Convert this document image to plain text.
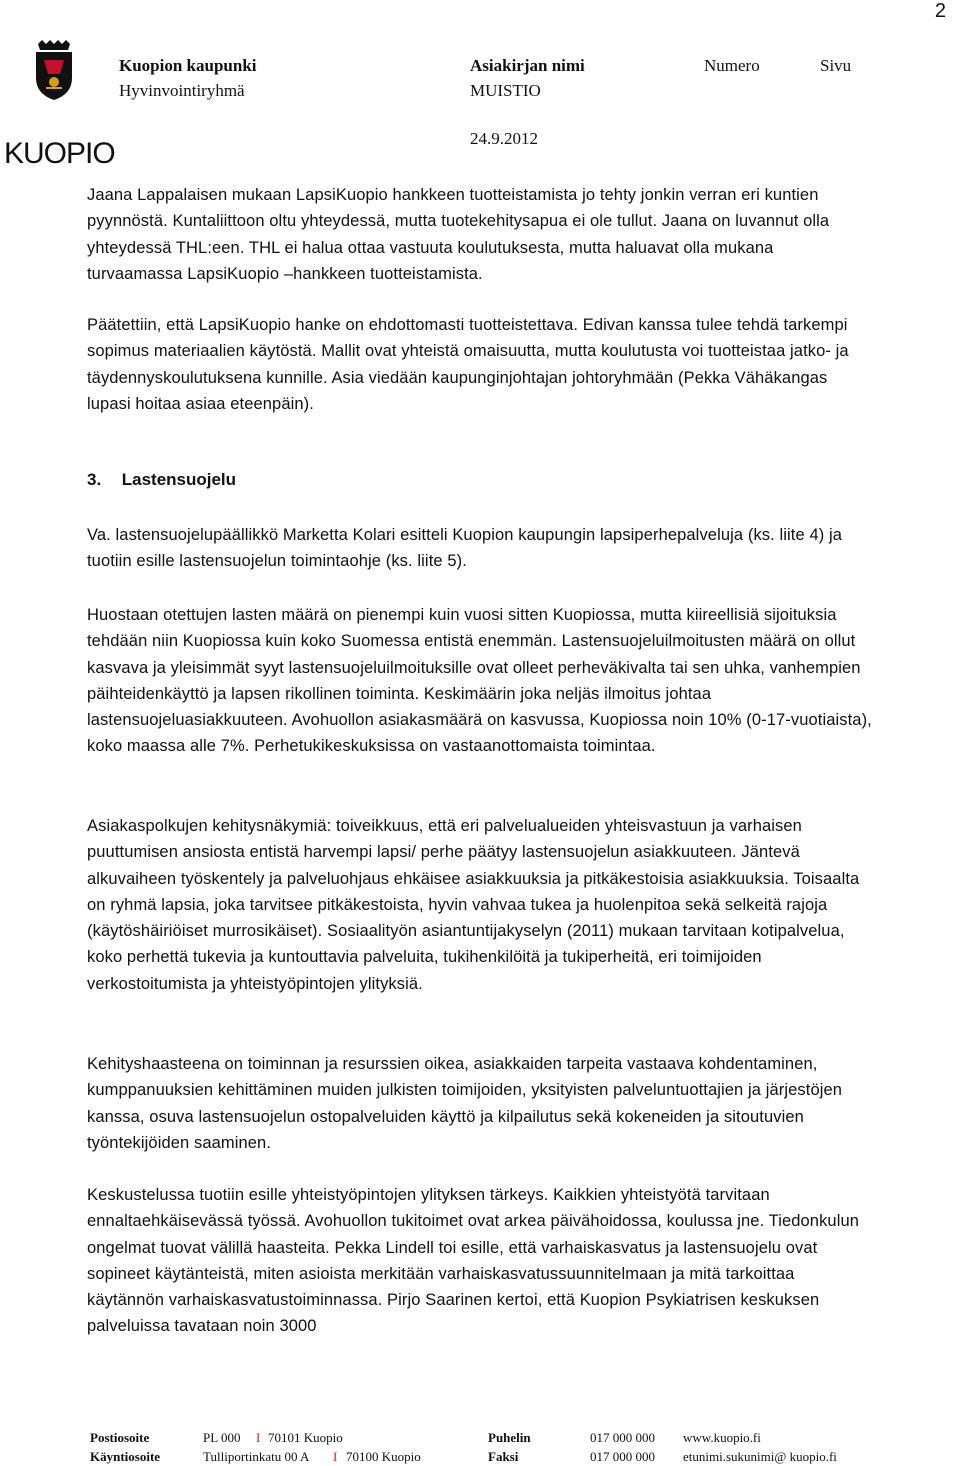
2
KUOPIO
Kuopion kaupunki
Hyvinvointiryhmä
Asiakirjan nimi
MUISTIO
24.9.2012
Numero	Sivu
Jaana Lappalaisen mukaan LapsiKuopio hankkeen tuotteistamista jo tehty jonkin verran eri kuntien pyynnöstä. Kuntaliittoon oltu yhteydessä, mutta tuotekehitysapua ei ole tullut. Jaana on luvannut olla yhteydessä THL:een. THL ei halua ottaa vastuuta koulutuksesta, mutta haluavat olla mukana turvaamassa LapsiKuopio –hankkeen tuotteistamista.
Päätettiin, että LapsiKuopio hanke on ehdottomasti tuotteistettava. Edivan kanssa tulee tehdä tarkempi sopimus materiaalien käytöstä. Mallit ovat yhteistä omaisuutta, mutta koulutusta voi tuotteistaa jatko- ja täydennyskoulutuksena kunnille. Asia viedään kaupunginjohtajan johtoryhmään (Pekka Vähäkangas lupasi hoitaa asiaa eteenpäin).
3. Lastensuojelu
Va. lastensuojelupäällikkö Marketta Kolari esitteli Kuopion kaupungin lapsiperhepalveluja (ks. liite 4) ja tuotiin esille lastensuojelun toimintaohje (ks. liite 5).
Huostaan otettujen lasten määrä on pienempi kuin vuosi sitten Kuopiossa, mutta kiireellisiä sijoituksia tehdään niin Kuopiossa kuin koko Suomessa entistä enemmän. Lastensuojeluilmoitusten määrä on ollut kasvava ja yleisimmät syyt lastensuojeluilmoituksille ovat olleet perheväkivalta tai sen uhka, vanhempien päihteidenkäyttö ja lapsen rikollinen toiminta. Keskimäärin joka neljäs ilmoitus johtaa lastensuojeluasiakkuuteen. Avohuollon asiakasmäärä on kasvussa, Kuopiossa noin 10% (0-17-vuotiaista), koko maassa alle 7%. Perhetukikeskuksissa on vastaanottomaista toimintaa.
Asiakaspolkujen kehitysnäkymiä: toiveikkuus, että eri palvelualueiden yhteisvastuun ja varhaisen puuttumisen ansiosta entistä harvempi lapsi/ perhe päätyy lastensuojelun asiakkuuteen. Jäntevä alkuvaiheen työskentely ja palveluohjaus ehkäisee asiakkuuksia ja pitkäkestoisia asiakkuuksia. Toisaalta on ryhmä lapsia, joka tarvitsee pitkäkestoista, hyvin vahvaa tukea ja huolenpitoa sekä selkeitä rajoja (käytöshäiriöiset murrosikäiset). Sosiaalityön asiantuntijakyselyn (2011) mukaan tarvitaan kotipalvelua, koko perhettä tukevia ja kuntouttavia palveluita, tukihenkilöitä ja tukiperheitä, eri toimijoiden verkostoitumista ja yhteistyöpintojen ylityksiä.
Kehityshaasteena on toiminnan ja resurssien oikea, asiakkaiden tarpeita vastaava kohdentaminen, kumppanuuksien kehittäminen muiden julkisten toimijoiden, yksityisten palveluntuottajien ja järjestöjen kanssa, osuva lastensuojelun ostopalveluiden käyttö ja kilpailutus sekä kokeneiden ja sitoutuvien työntekijöiden saaminen.
Keskustelussa tuotiin esille yhteistyöpintojen ylityksen tärkeys. Kaikkien yhteistyötä tarvitaan ennaltaehkäisevässä työssä. Avohuollon tukitoimet ovat arkea päivähoidossa, koulussa jne. Tiedonkulun ongelmat tuovat välillä haasteita. Pekka Lindell toi esille, että varhaiskasvatus ja lastensuojelu ovat sopineet käytänteistä, miten asioista merkitään varhaiskasvatussuunnitelmaan ja mitä tarkoittaa käytännön varhaiskasvatustoiminnassa. Pirjo Saarinen kertoi, että Kuopion Psykiatrisen keskuksen palveluissa tavataan noin 3000
Postiosoite	PL 000 I 70101 Kuopio	Puhelin	017 000 000 www.kuopio.fi
Käyntiosoite	Tulliportinkatu 00 A I 70100 Kuopio	Faksi	017 000 000 etunimi.sukunimi@ kuopio.fi
